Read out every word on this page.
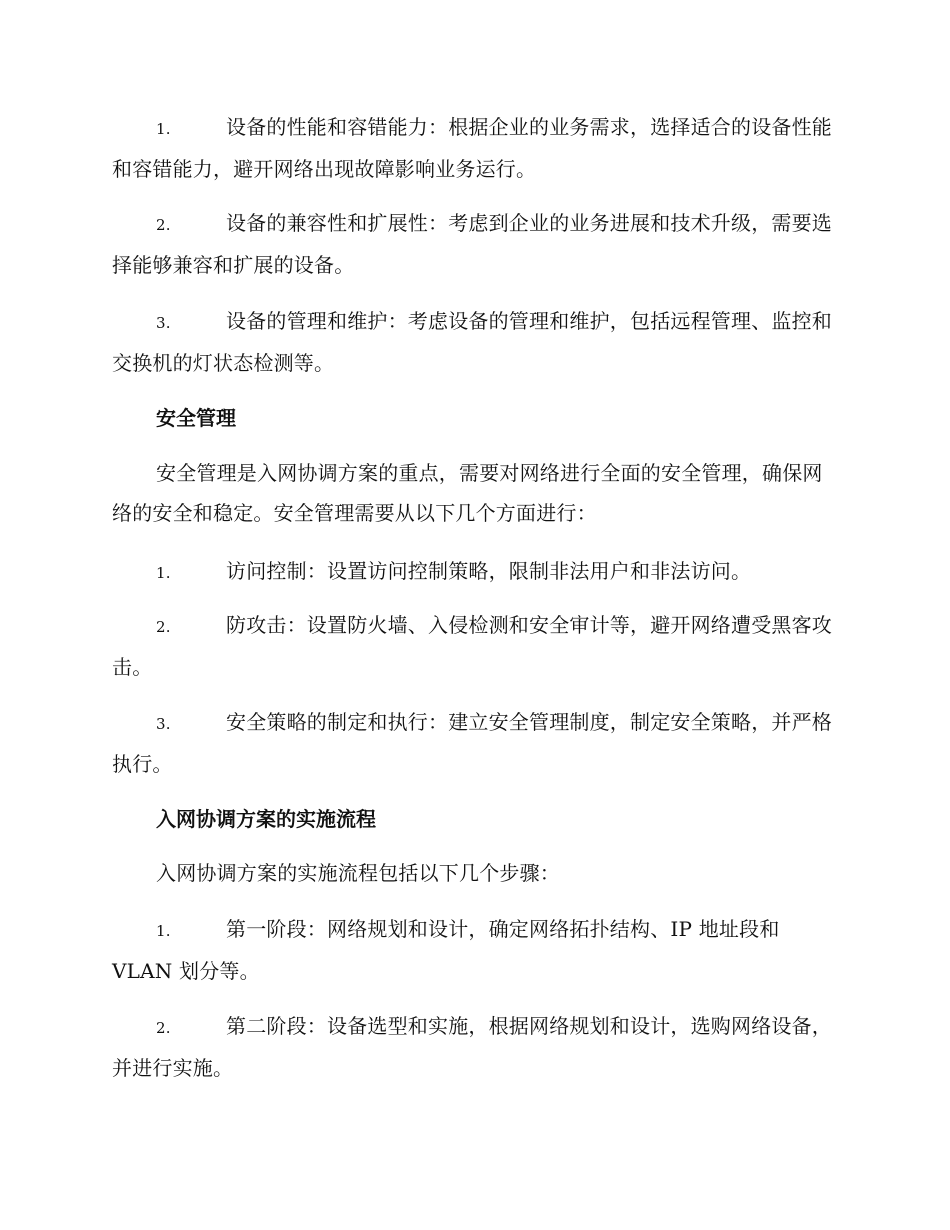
1.	设备的性能和容错能力：根据企业的业务需求，选择适合的设备性能和容错能力，避开网络出现故障影响业务运行。

2.	设备的兼容性和扩展性：考虑到企业的业务进展和技术升级，需要选择能够兼容和扩展的设备。

3.	设备的管理和维护：考虑设备的管理和维护，包括远程管理、监控和交换机的灯状态检测等。

安全管理

安全管理是入网协调方案的重点，需要对网络进行全面的安全管理，确保网络的安全和稳定。安全管理需要从以下几个方面进行：

1.	访问控制：设置访问控制策略，限制非法用户和非法访问。

2.	防攻击：设置防火墙、入侵检测和安全审计等，避开网络遭受黑客攻击。

3.	安全策略的制定和执行：建立安全管理制度，制定安全策略，并严格执行。

入网协调方案的实施流程

入网协调方案的实施流程包括以下几个步骤：

1.	第一阶段：网络规划和设计，确定网络拓扑结构、IP 地址段和 VLAN 划分等。

2.	第二阶段：设备选型和实施，根据网络规划和设计，选购网络设备，并进行实施。
